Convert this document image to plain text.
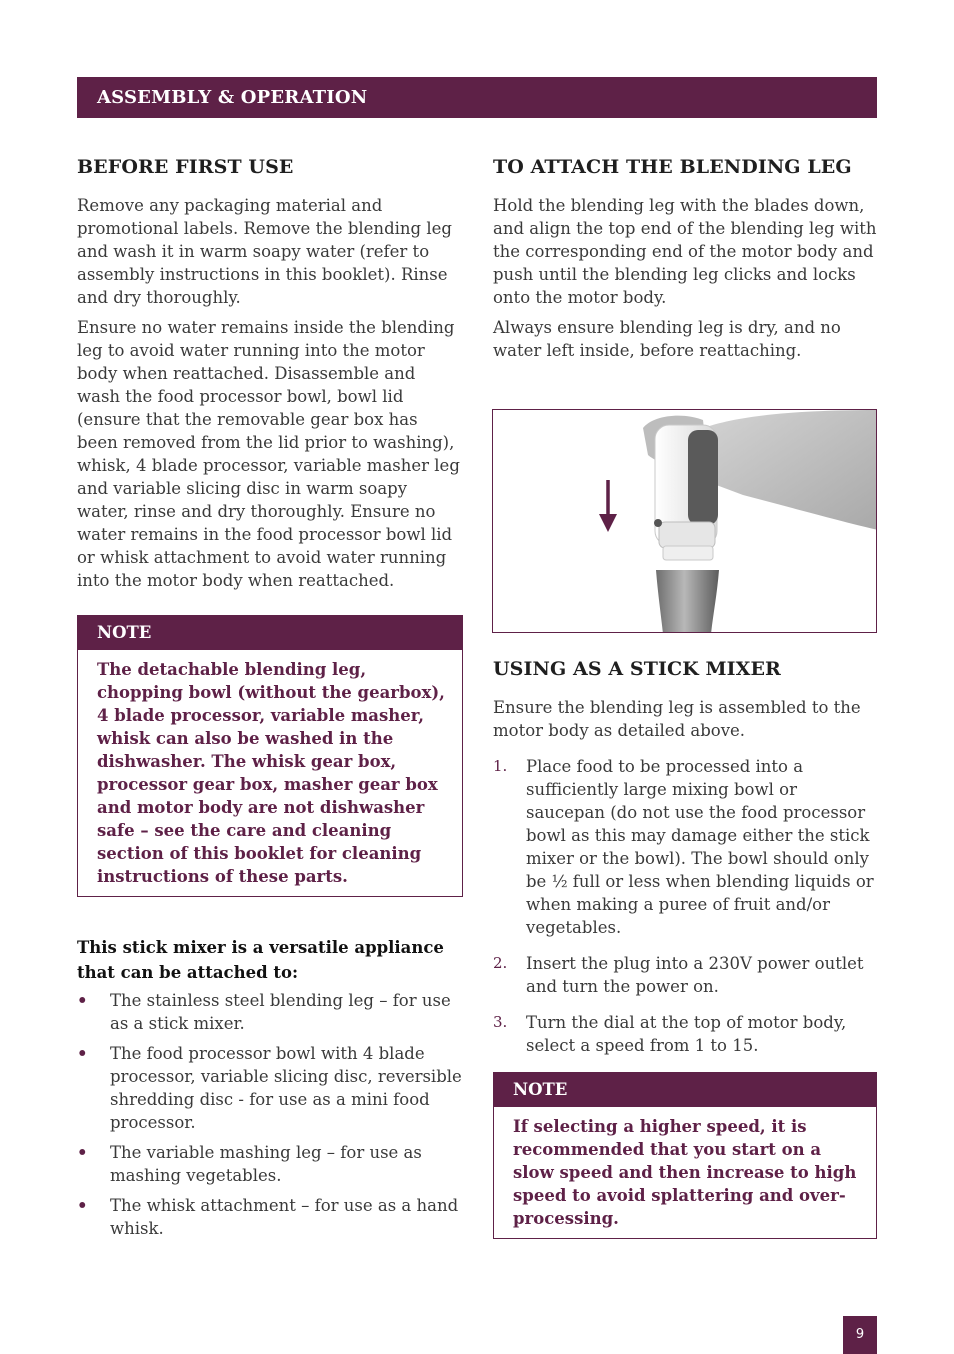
ASSEMBLY & OPERATION
BEFORE FIRST USE

Remove any packaging material and promotional labels. Remove the blending leg and wash it in warm soapy water (refer to assembly instructions in this booklet). Rinse and dry thoroughly.

Ensure no water remains inside the blending leg to avoid water running into the motor body when reattached. Disassemble and wash the food processor bowl, bowl lid (ensure that the removable gear box has been removed from the lid prior to washing), whisk, 4 blade processor, variable masher leg and variable slicing disc in warm soapy water, rinse and dry thoroughly. Ensure no water remains in the food processor bowl lid or whisk attachment to avoid water running into the motor body when reattached.

NOTE

The detachable blending leg, chopping bowl (without the gearbox), 4 blade processor, variable masher, whisk can also be washed in the dishwasher. The whisk gear box, processor gear box, masher gear box and motor body are not dishwasher safe – see the care and cleaning section of this booklet for cleaning instructions of these parts.

This stick mixer is a versatile appliance that can be attached to:

• The stainless steel blending leg – for use as a stick mixer.
• The food processor bowl with 4 blade processor, variable slicing disc, reversible shredding disc - for use as a mini food processor.
• The variable mashing leg – for use as mashing vegetables.
• The whisk attachment – for use as a hand whisk.
TO ATTACH THE BLENDING LEG

Hold the blending leg with the blades down, and align the top end of the blending leg with the corresponding end of the motor body and push until the blending leg clicks and locks onto the motor body.

Always ensure blending leg is dry, and no water left inside, before reattaching.

USING AS A STICK MIXER

Ensure the blending leg is assembled to the motor body as detailed above.

1. Place food to be processed into a sufficiently large mixing bowl or saucepan (do not use the food processor bowl as this may damage either the stick mixer or the bowl). The bowl should only be ½ full or less when blending liquids or when making a puree of fruit and/or vegetables.
2. Insert the plug into a 230V power outlet and turn the power on.
3. Turn the dial at the top of motor body, select a speed from 1 to 15.
NOTE

If selecting a higher speed, it is recommended that you start on a slow speed and then increase to high speed to avoid splattering and over-processing.

9
